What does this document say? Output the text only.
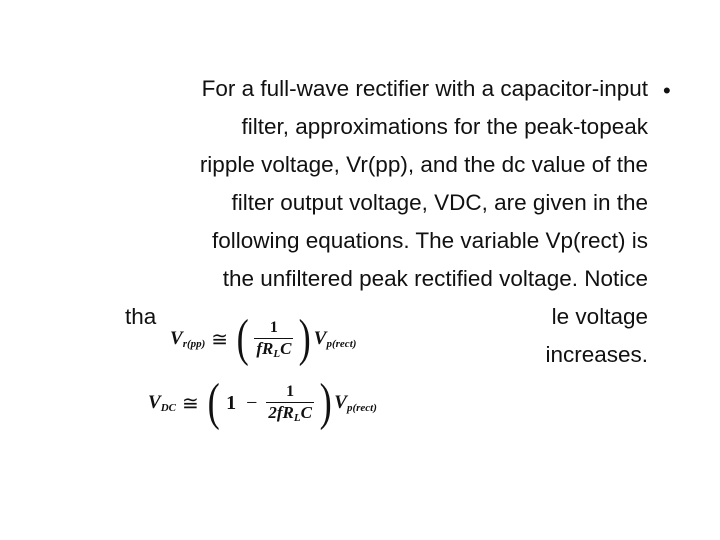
•
For a full-wave rectifier with a capacitor-input
filter, approximations for the peak-topeak
ripple voltage, Vr(pp), and the dc value of the
filter output voltage, VDC, are given in the
following equations. The variable Vp(rect) is
the unfiltered peak rectified voltage. Notice
tha	le voltage
increases.
V r(pp) ≅ ( $\frac{1}{\text{fRLC}}$ ) V p(rect)
V DC ≅ ( $1 - \frac{1}{\text{2fRLC}}$ ) V p(rect)
